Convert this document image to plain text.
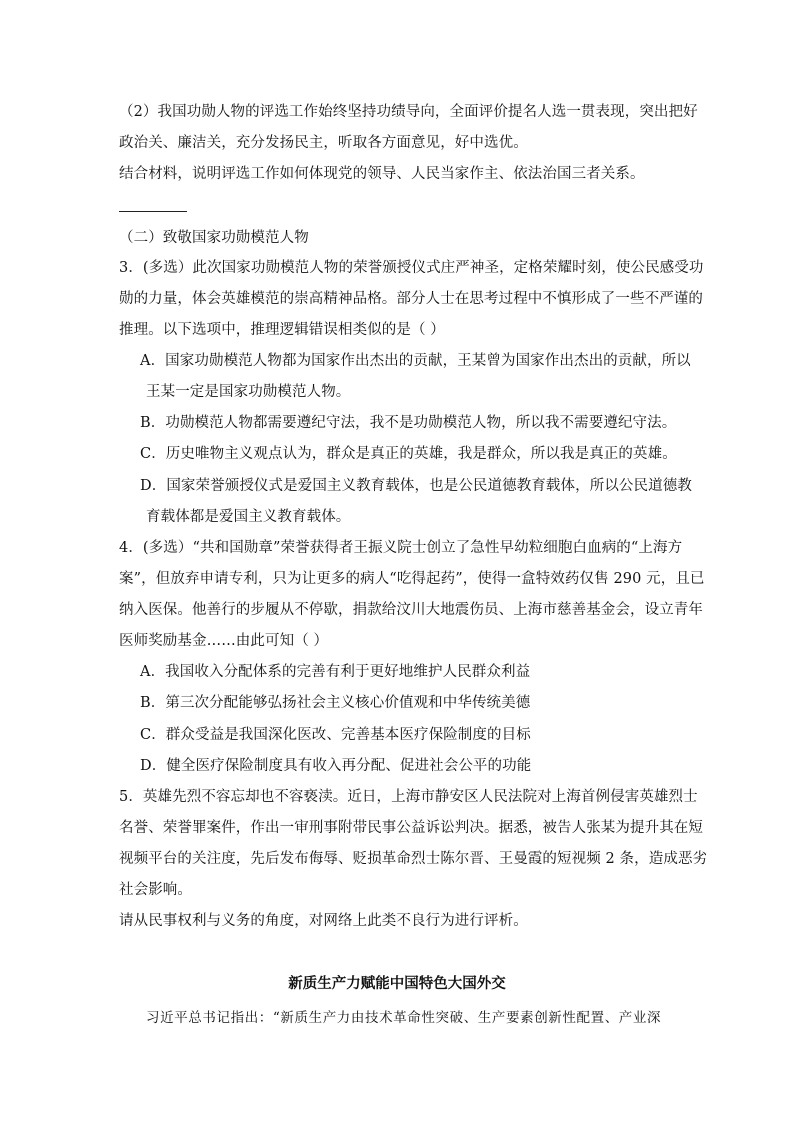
（2）我国功勋人物的评选工作始终坚持功绩导向，全面评价提名人选一贯表现，突出把好
政治关、廉洁关，充分发扬民主，听取各方面意见，好中选优。
结合材料，说明评选工作如何体现党的领导、人民当家作主、依法治国三者关系。
（二）致敬国家功勋模范人物
3．(多选）此次国家功勋模范人物的荣誉颁授仪式庄严神圣，定格荣耀时刻，使公民感受功
勋的力量，体会英雄模范的崇高精神品格。部分人士在思考过程中不慎形成了一些不严谨的
推理。以下选项中，推理逻辑错误相类似的是（ ）
A．国家功勋模范人物都为国家作出杰出的贡献，王某曾为国家作出杰出的贡献，所以
王某一定是国家功勋模范人物。
B．功勋模范人物都需要遵纪守法，我不是功勋模范人物，所以我不需要遵纪守法。
C．历史唯物主义观点认为，群众是真正的英雄，我是群众，所以我是真正的英雄。
D．国家荣誉颁授仪式是爱国主义教育载体，也是公民道德教育载体，所以公民道德教
育载体都是爱国主义教育载体。
4．(多选）“共和国勋章”荣誉获得者王振义院士创立了急性早幼粒细胞白血病的“上海方
案”，但放弃申请专利，只为让更多的病人“吃得起药”，使得一盒特效药仅售 290 元，且已
纳入医保。他善行的步履从不停歇，捐款给汶川大地震伤员、上海市慈善基金会，设立青年
医师奖励基金……由此可知（ ）
A．我国收入分配体系的完善有利于更好地维护人民群众利益
B．第三次分配能够弘扬社会主义核心价值观和中华传统美德
C．群众受益是我国深化医改、完善基本医疗保险制度的目标
D．健全医疗保险制度具有收入再分配、促进社会公平的功能
5．英雄先烈不容忘却也不容亵渎。近日，上海市静安区人民法院对上海首例侵害英雄烈士
名誉、荣誉罪案件，作出一审刑事附带民事公益诉讼判决。据悉，被告人张某为提升其在短
视频平台的关注度，先后发布侮辱、贬损革命烈士陈尔晋、王曼霞的短视频 2 条，造成恶劣
社会影响。
请从民事权利与义务的角度，对网络上此类不良行为进行评析。
新质生产力赋能中国特色大国外交
习近平总书记指出：“新质生产力由技术革命性突破、生产要素创新性配置、产业深
